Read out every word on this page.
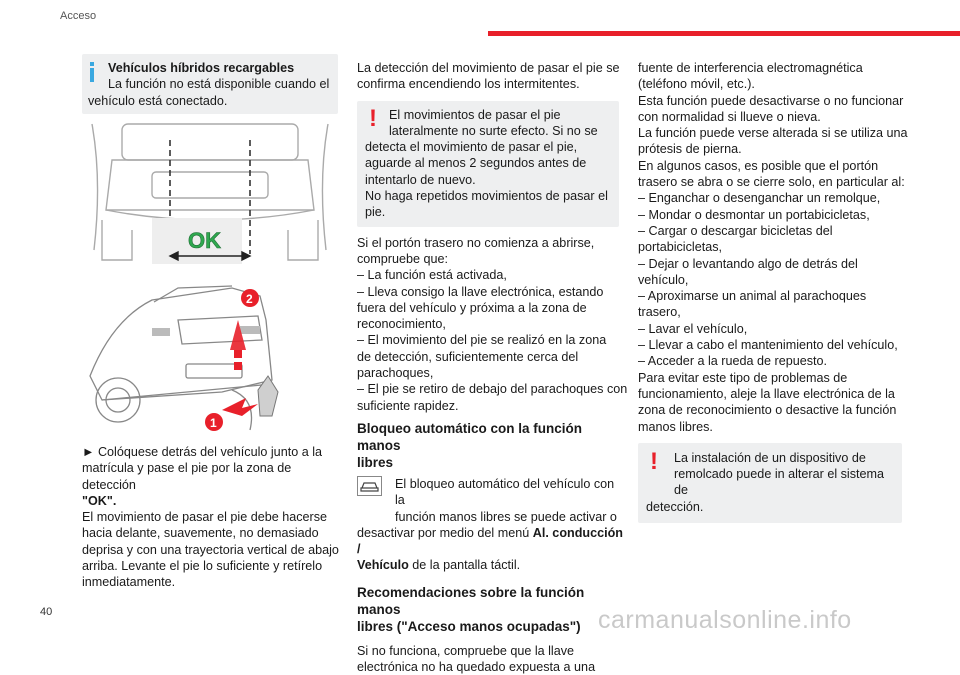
Acceso

Vehículos híbridos recargables

La función no está disponible cuando el

vehículo está conectado.

OK
2
1

► Colóquese detrás del vehículo junto a la

matrícula y pase el pie por la zona de detección

"OK".

El movimiento de pasar el pie debe hacerse

hacia delante, suavemente, no demasiado

deprisa y con una trayectoria vertical de abajo

arriba. Levante el pie lo suficiente y retírelo

inmediatamente.

La detección del movimiento de pasar el pie se

confirma encendiendo los intermitentes.

! El movimientos de pasar el pie

lateralmente no surte efecto. Si no se

detecta el movimiento de pasar el pie,

aguarde al menos 2 segundos antes de

intentarlo de nuevo.

No haga repetidos movimientos de pasar el

pie.

Si el portón trasero no comienza a abrirse,

compruebe que:

– La función está activada,

– Lleva consigo la llave electrónica, estando

fuera del vehículo y próxima a la zona de

reconocimiento,

– El movimiento del pie se realizó en la zona

de detección, suficientemente cerca del

parachoques,

– El pie se retiro de debajo del parachoques con

suficiente rapidez.

Bloqueo automático con la función manos
libres

El bloqueo automático del vehículo con la

función manos libres se puede activar o

desactivar por medio del menú Al. conducción /

Vehículo de la pantalla táctil.

Recomendaciones sobre la función manos
libres ("Acceso manos ocupadas")

Si no funciona, compruebe que la llave

electrónica no ha quedado expuesta a una

fuente de interferencia electromagnética

(teléfono móvil, etc.).

Esta función puede desactivarse o no funcionar

con normalidad si llueve o nieva.

La función puede verse alterada si se utiliza una

prótesis de pierna.

En algunos casos, es posible que el portón

trasero se abra o se cierre solo, en particular al:

– Enganchar o desenganchar un remolque,

– Mondar o desmontar un portabicicletas,

– Cargar o descargar bicicletas del

portabicicletas,

– Dejar o levantando algo de detrás del

vehículo,

– Aproximarse un animal al parachoques

trasero,

– Lavar el vehículo,

– Llevar a cabo el mantenimiento del vehículo,

– Acceder a la rueda de repuesto.

Para evitar este tipo de problemas de

funcionamiento, aleje la llave electrónica de la

zona de reconocimiento o desactive la función

manos libres.

!	La instalación de un dispositivo de

remolcado puede in alterar el sistema de

detección.

40	carmanualsonline.info
